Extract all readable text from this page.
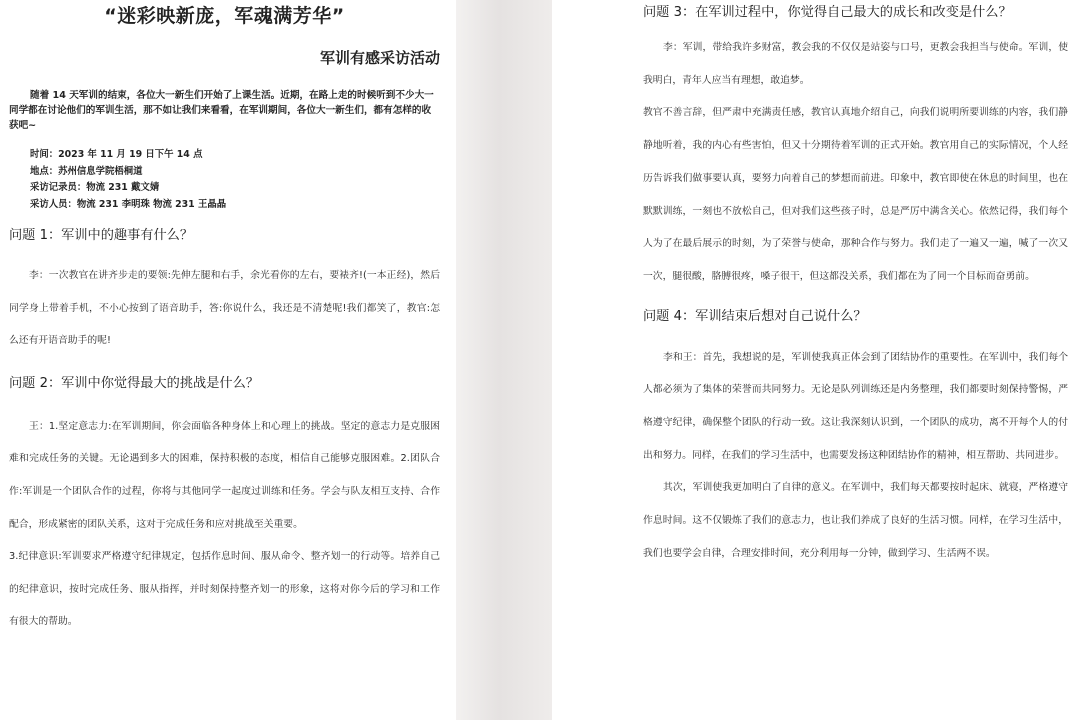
“迷彩映新庞，军魂满芳华”
军训有感采访活动

随着 14 天军训的结束，各位大一新生们开始了上课生活。近期，在路上走的时候听到不少大一同学都在讨论他们的军训生活，那不如让我们来看看，在军训期间，各位大一新生们，都有怎样的收获吧~

时间：2023 年 11 月 19 日下午 14 点
地点：苏州信息学院梧桐道
采访记录员：物流 231 戴文婧
采访人员：物流 231 李明珠 物流 231 王晶晶
问题 1：军训中的趣事有什么？

李：一次教官在讲齐步走的要领:先伸左腿和右手，余光看你的左右，要裱齐!(一本正经)，然后同学身上带着手机，不小心按到了语音助手，答:你说什么，我还是不清楚呢!我们都笑了，教官:怎么还有开语音助手的呢!

问题 2：军训中你觉得最大的挑战是什么？

王：1.坚定意志力:在军训期间，你会面临各种身体上和心理上的挑战。坚定的意志力是克服困难和完成任务的关键。无论遇到多大的困难，保持积极的态度，相信自己能够克服困难。2.团队合作:军训是一个团队合作的过程，你将与其他同学一起度过训练和任务。学会与队友相互支持、合作配合，形成紧密的团队关系，这对于完成任务和应对挑战至关重要。

3.纪律意识:军训要求严格遵守纪律规定，包括作息时间、服从命令、整齐划一的行动等。培养自己的纪律意识，按时完成任务、服从指挥，并时刻保持整齐划一的形象，这将对你今后的学习和工作有很大的帮助。

问题 3：在军训过程中，你觉得自己最大的成长和改变是什么？

李：军训，带给我许多财富，教会我的不仅仅是站姿与口号，更教会我担当与使命。军训，使我明白，青年人应当有理想，敢追梦。

教官不善言辞，但严肃中充满责任感，教官认真地介绍自己，向我们说明所要训练的内容，我们静静地听着，我的内心有些害怕，但又十分期待着军训的正式开始。教官用自己的实际情况，个人经历告诉我们做事要认真，要努力向着自己的梦想而前进。印象中，教官即使在休息的时间里，也在默默训练，一刻也不放松自己，但对我们这些孩子时，总是严厉中满含关心。依然记得，我们每个人为了在最后展示的时刻，为了荣誉与使命，那种合作与努力。我们走了一遍又一遍，喊了一次又一次，腿很酸，胳膊很疼，嗓子很干，但这都没关系，我们都在为了同一个目标而奋勇前。

问题 4：军训结束后想对自己说什么？

李和王：首先，我想说的是，军训使我真正体会到了团结协作的重要性。在军训中，我们每个人都必须为了集体的荣誉而共同努力。无论是队列训练还是内务整理，我们都要时刻保持警惕，严格遵守纪律，确保整个团队的行动一致。这让我深刻认识到，一个团队的成功，离不开每个人的付出和努力。同样，在我们的学习生活中，也需要发扬这种团结协作的精神，相互帮助、共同进步。

其次，军训使我更加明白了自律的意义。在军训中，我们每天都要按时起床、就寝，严格遵守作息时间。这不仅锻炼了我们的意志力，也让我们养成了良好的生活习惯。同样，在学习生活中，我们也要学会自律，合理安排时间，充分利用每一分钟，做到学习、生活两不误。
